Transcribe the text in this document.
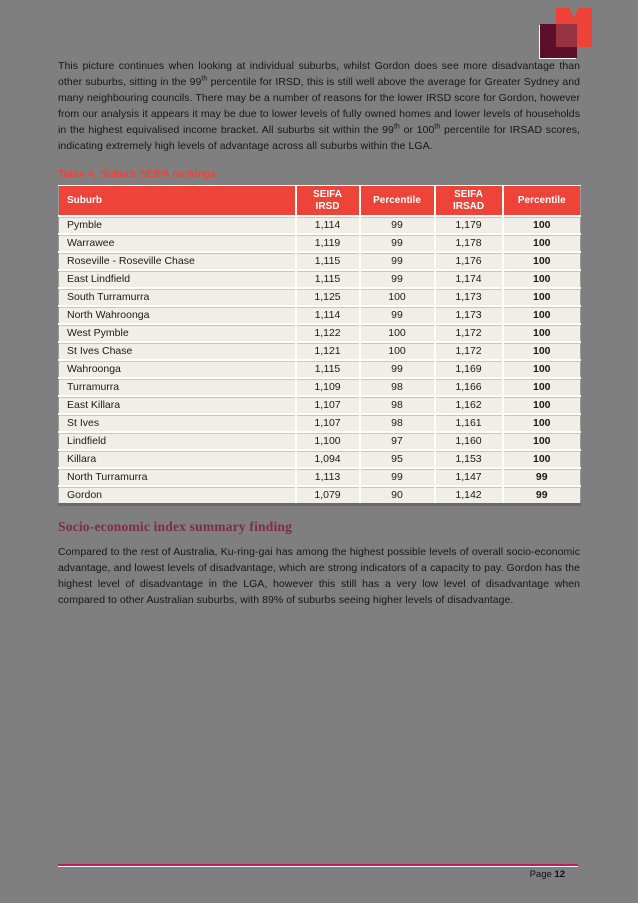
This picture continues when looking at individual suburbs, whilst Gordon does see more disadvantage than other suburbs, sitting in the 99th percentile for IRSD, this is still well above the average for Greater Sydney and many neighbouring councils. There may be a number of reasons for the lower IRSD score for Gordon, however from our analysis it appears it may be due to lower levels of fully owned homes and lower levels of households in the highest equivalised income bracket. All suburbs sit within the 99th or 100th percentile for IRSAD scores, indicating extremely high levels of advantage across all suburbs within the LGA.

Table 4: Suburb SEIFA rankings
Suburb	SEIFA IRSD	Percentile	SEIFA IRSAD	Percentile
Pymble	1,114	99	1,179	100
Warrawee	1,119	99	1,178	100
Roseville - Roseville Chase	1,115	99	1,176	100
East Lindfield	1,115	99	1,174	100
South Turramurra	1,125	100	1,173	100
North Wahroonga	1,114	99	1,173	100
West Pymble	1,122	100	1,172	100
St Ives Chase	1,121	100	1,172	100
Wahroonga	1,115	99	1,169	100
Turramurra	1,109	98	1,166	100
East Killara	1,107	98	1,162	100
St Ives	1,107	98	1,161	100
Lindfield	1,100	97	1,160	100
Killara	1,094	95	1,153	100
North Turramurra	1,113	99	1,147	99
Gordon	1,079	90	1,142	99
Socio-economic index summary finding

Compared to the rest of Australia, Ku-ring-gai has among the highest possible levels of overall socio-economic advantage, and lowest levels of disadvantage, which are strong indicators of a capacity to pay. Gordon has the highest level of disadvantage in the LGA, however this still has a very low level of disadvantage when compared to other Australian suburbs, with 89% of suburbs seeing higher levels of disadvantage.

Page 12
